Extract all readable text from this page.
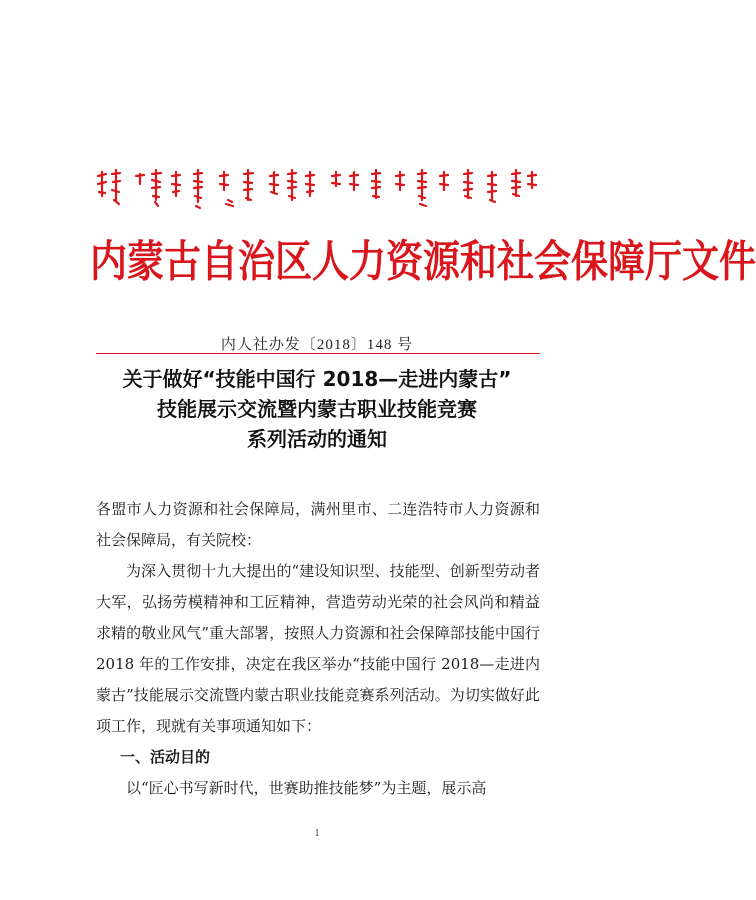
内蒙古自治区人力资源和社会保障厅文件
内人社办发〔2018〕148 号
关于做好“技能中国行 2018—走进内蒙古”
技能展示交流暨内蒙古职业技能竞赛
系列活动的通知

各盟市人力资源和社会保障局，满州里市、二连浩特市人力资源和社会保障局，有关院校：

为深入贯彻十九大提出的“建设知识型、技能型、创新型劳动者大军，弘扬劳模精神和工匠精神，营造劳动光荣的社会风尚和精益求精的敬业风气”重大部署，按照人力资源和社会保障部技能中国行 2018 年的工作安排，决定在我区举办“技能中国行 2018—走进内蒙古”技能展示交流暨内蒙古职业技能竞赛系列活动。为切实做好此项工作，现就有关事项通知如下：

一、活动目的

以“匠心书写新时代，世赛助推技能梦”为主题，展示高

1
